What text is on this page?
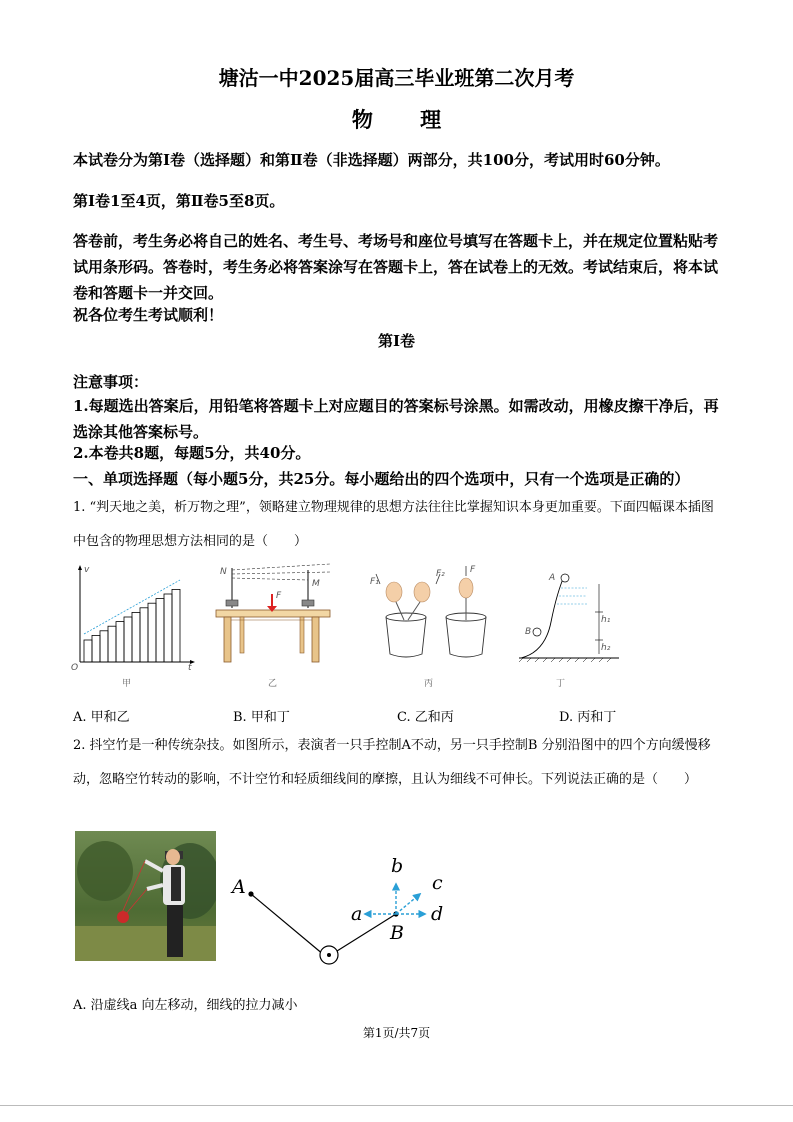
塘沽一中2025届高三毕业班第二次月考
物 理
本试卷分为第Ⅰ卷（选择题）和第Ⅱ卷（非选择题）两部分，共100分，考试用时60分钟。
第Ⅰ卷1至4页，第Ⅱ卷5至8页。
答卷前，考生务必将自己的姓名、考生号、考场号和座位号填写在答题卡上，并在规定位置粘贴考试用条形码。答卷时，考生务必将答案涂写在答题卡上，答在试卷上的无效。考试结束后，将本试卷和答题卡一并交回。
祝各位考生考试顺利！
第Ⅰ卷
注意事项：
1.每题选出答案后，用铅笔将答题卡上对应题目的答案标号涂黑。如需改动，用橡皮擦干净后，再选涂其他答案标号。
2.本卷共8题，每题5分，共40分。
一、单项选择题（每小题5分，共25分。每小题给出的四个选项中，只有一个选项是正确的）
1. “判天地之美，析万物之理”，领略建立物理规律的思想方法往往比掌握知识本身更加重要。下面四幅课本插图中包含的物理思想方法相同的是（　　）
v
t
O
甲
N
M
F
乙
F₁
F₂	F
丙
A
B
h₁
h₂
丁
A. 甲和乙	B. 甲和丁	C. 乙和丙	D. 丙和丁
2. 抖空竹是一种传统杂技。如图所示，表演者一只手控制A不动，另一只手控制B 分别沿图中的四个方向缓慢移动，忽略空竹转动的影响，不计空竹和轻质细线间的摩擦，且认为细线不可伸长。下列说法正确的是（　　）
A
B
a
b
c
d
A. 沿虚线a 向左移动，细线的拉力减小
第1页/共7页
